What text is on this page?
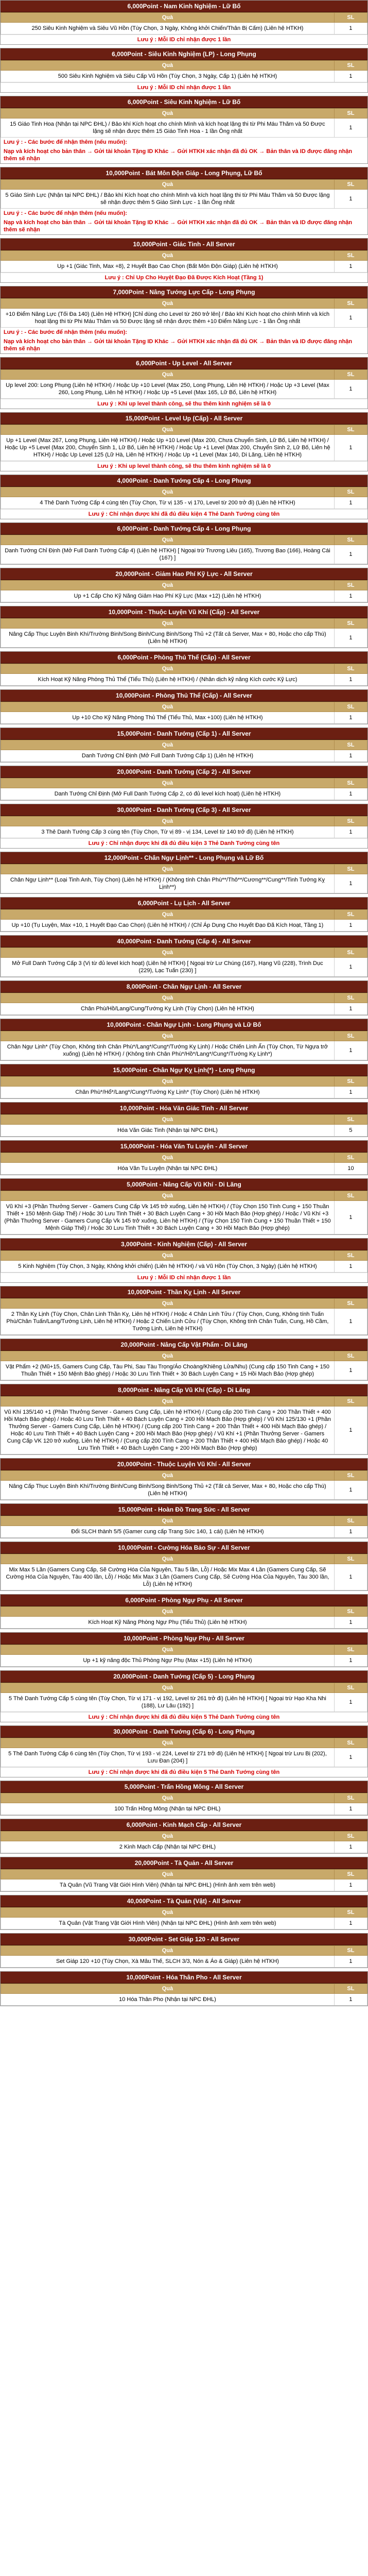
6,000Point - Nam Kinh Nghiệm - Lữ Bố
Quà	SL
250 Siêu Kinh Nghiệm và Siêu Vũ Hồn (Tùy Chọn, 3 Ngày, Không khởi Chiến/Thân Bị Cấm) (Liên hệ HTKH)	1
Lưu ý : Mỗi ID chỉ nhận được 1 lần
6,000Point - Siêu Kinh Nghiệm (LP) - Long Phụng
Quà	SL
500 Siêu Kinh Nghiệm và Siêu Cấp Vũ Hồn (Tùy Chọn, 3 Ngày, Cấp 1) (Liên hệ HTKH)	1
Lưu ý : Mỗi ID chỉ nhận được 1 lần
6,000Point - Siêu Kinh Nghiệm - Lữ Bố
Quà	SL
15 Giáo Tinh Hoa (Nhận tại NPC ĐHL) / Bảo khí Kích hoạt cho chính Mình và kích hoạt lặng thi từ Phi Máu Thăm và 50 Được lặng sẽ nhận được thêm 15 Giáo Tinh Hoa - 1 lần Ông nhất	1
Lưu ý : - Các bước để nhận thêm (nếu muốn):
Nạp và kích hoạt cho bản thân → Gửi tài khoản Tặng ID Khác → Gửi HTKH xác nhận đã đủ OK → Bản thân và ID được đăng nhận thêm sẽ nhận
10,000Point - Bát Môn Độn Giáp - Long Phụng, Lữ Bố
Quà	SL
5 Giáo Sinh Lực (Nhận tại NPC ĐHL) / Bảo khí Kích hoạt cho chính Mình và kích hoạt lặng thi từ Phi Máu Thăm và 50 Được lặng sẽ nhận được thêm 5 Giáo Sinh Lực - 1 lần Ông nhất	1
Lưu ý : - Các bước để nhận thêm (nếu muốn):
Nạp và kích hoạt cho bản thân → Gửi tài khoản Tặng ID Khác → Gửi HTKH xác nhận đã đủ OK → Bản thân và ID được đăng nhận thêm sẽ nhận
10,000Point - Giác Tinh - All Server
Quà	SL
Up +1 (Giác Tinh, Max +8), 2 Huyết Bạo Cao Chọn (Bất Môn Độn Giáp) (Liên hệ HTKH)	1
Lưu ý : Chỉ Up Cho Huyệt Đạo Đã Được Kích Hoạt (Tầng 1)
7,000Point - Nâng Tướng Lực Cấp - Long Phụng
Quà	SL
+10 Điểm Năng Lực (Tối Đa 140) (Liên Hệ HTKH) [Chỉ dùng cho Level từ 260 trở lên] / Bảo khí Kích hoạt cho chính Mình và kích hoạt lặng thi từ Phi Máu Thăm và 50 Được lặng sẽ nhận được thêm +10 Điểm Năng Lực - 1 lần Ông nhất	1
Lưu ý : - Các bước để nhận thêm (nếu muốn):
Nạp và kích hoạt cho bản thân → Gửi tài khoản Tặng ID Khác → Gửi HTKH xác nhận đã đủ OK → Bản thân và ID được đăng nhận thêm sẽ nhận
6,000Point - Up Level - All Server
Quà	SL
Up level 200: Long Phụng (Liên hệ HTKH) / Hoặc Up +10 Level (Max 250, Long Phụng, Liên Hệ HTKH) / Hoặc Up +3 Level (Max 260, Long Phụng, Liên hệ HTKH) / Hoặc Up +5 Level (Max 165, Lữ Bố, Liên hệ HTKH)	1
Lưu ý : Khi up level thành công, sẽ thu thêm kinh nghiệm sẽ là 0
15,000Point - Level Up (Cấp) - All Server
Quà	SL
Up +1 Level (Max 267, Long Phụng, Liên Hệ HTKH) / Hoặc Up +10 Level (Max 200, Chưa Chuyển Sinh, Lữ Bố, Liên hệ HTKH) / Hoặc Up +5 Level (Max 200, Chuyển Sinh 1, Lữ Bố, Liên hệ HTKH) / Hoặc Up +1 Level (Max 200, Chuyển Sinh 2, Lữ Bố, Liên hệ HTKH) / Hoặc Up Level 125 (Lữ Hà, Liên hệ HTKH) / Hoặc Up +1 Level (Max 140, Di Lăng, Liên hệ HTKH)	1
Lưu ý : Khi up level thành công, sẽ thu thêm kinh nghiệm sẽ là 0
4,000Point - Danh Tướng Cấp 4 - Long Phụng
Quà	SL
4 Thẻ Danh Tướng Cấp 4 cùng tên (Tùy Chọn, Từ vị 135 - vị 170, Level từ 200 trở đi) (Liên hệ HTKH)	1
Lưu ý : Chỉ nhận được khi đã đủ điều kiện 4 Thẻ Danh Tướng cùng tên
6,000Point - Danh Tướng Cấp 4 - Long Phụng
Quà	SL
Danh Tướng Chỉ Định (Mở Full Danh Tướng Cấp 4) (Liên hệ HTKH) [ Ngoại trừ Trương Liêu (165), Trương Bao (166), Hoàng Cái (167) ]	1
20,000Point - Giảm Hao Phí Kỹ Lực - All Server
Quà	SL
Up +1 Cấp Cho Kỹ Năng Giảm Hao Phí Kỹ Lực (Max +12) (Liên hệ HTKH)	1
10,000Point - Thuộc Luyện Vũ Khí (Cấp) - All Server
Quà	SL
Nâng Cấp Thục Luyện Binh Khí/Trường Binh/Song Binh/Cung Binh/Song Thủ +2 (Tất cả Server, Max + 80, Hoặc cho cấp Thú) (Liên hệ HTKH)	1
6,000Point - Phòng Thủ Thể (Cấp) - All Server
Quà	SL
Kích Hoạt Kỹ Năng Phòng Thủ Thể (Tiểu Thủ) (Liên hệ HTKH) / (Nhân dịch kỹ năng Kích cước Kỹ Lực)	1
10,000Point - Phòng Thủ Thể (Cấp) - All Server
Quà	SL
Up +10 Cho Kỹ Năng Phòng Thủ Thể (Tiểu Thủ, Max +100) (Liên hệ HTKH)	1
15,000Point - Danh Tướng (Cấp 1) - All Server
Quà	SL
Danh Tướng Chỉ Định (Mở Full Danh Tướng Cấp 1) (Liên hệ HTKH)	1
20,000Point - Danh Tướng (Cấp 2) - All Server
Quà	SL
Danh Tướng Chỉ Định (Mở Full Danh Tướng Cấp 2, có đủ level kích hoạt) (Liên hệ HTKH)	1
30,000Point - Danh Tướng (Cấp 3) - All Server
Quà	SL
3 Thẻ Danh Tướng Cấp 3 cùng tên (Tùy Chọn, Từ vị 89 - vị 134, Level từ 140 trở đi) (Liên hệ HTKH)	1
Lưu ý : Chỉ nhận được khi đã đủ điều kiện 3 Thẻ Danh Tướng cùng tên
12,000Point - Chân Ngự Lịnh** - Long Phụng và Lữ Bố
Quà	SL
Chân Ngự Lịnh** (Loại Tinh Anh, Tùy Chọn) (Liên hệ HTKH) / (Không tính Chân Phù**/Thô**/Cương**/Cung**/Tinh Tướng Kỵ Lịnh**)	1
6,000Point - Lụ Lịch - All Server
Quà	SL
Up +10 (Tụ Luyện, Max +10, 1 Huyết Đạo Cao Chọn) (Liên hệ HTKH) / (Chỉ Áp Dụng Cho Huyết Đạo Đã Kích Hoạt, Tầng 1)	1
40,000Point - Danh Tướng (Cấp 4) - All Server
Quà	SL
Mở Full Danh Tướng Cấp 3 (Vị từ đủ level kích hoạt) (Liên hệ HTKH) [ Ngoại trừ Lư Chúng (167), Hạng Vũ (228), Trình Dục (229), Lạc Tuấn (230) ]	1
8,000Point - Chân Ngự Lịnh - All Server
Quà	SL
Chân Phù/Hồ/Lang/Cung/Tướng Kỵ Lịnh (Tùy Chọn) (Liên hệ HTKH)	1
10,000Point - Chân Ngự Lịnh - Long Phụng và Lữ Bố
Quà	SL
Chân Ngự Lịnh* (Tùy Chọn, Không tính Chân Phù*/Lang*/Cung*/Tướng Kỵ Lịnh) / Hoặc Chiến Linh Ấn (Tùy Chọn, Từ Ngựa trở xuống) (Liên hệ HTKH) / (Không tính Chân Phù*/Hồ*/Lang*/Cung*/Tướng Kỵ Lịnh*)	1
15,000Point - Chân Ngự Kỵ Lịnh(*) - Long Phụng
Quà	SL
Chân Phù*/Hổ*/Lang*/Cung*/Tướng Kỵ Lịnh* (Tùy Chọn) (Liên hệ HTKH)	1
10,000Point - Hóa Văn Giác Tinh - All Server
Quà	SL
Hóa Văn Giác Tinh (Nhận tại NPC ĐHL)	5
15,000Point - Hóa Văn Tu Luyện - All Server
Quà	SL
Hóa Văn Tu Luyện (Nhận tại NPC ĐHL)	10
5,000Point - Nâng Cấp Vũ Khí - Di Lăng
Quà	SL
Vũ Khí +3 (Phần Thưởng Server - Gamers Cung Cấp Vk 145 trở xuống, Liên hệ HTKH) / (Tùy Chọn 150 Tính Cung + 150 Thuần Thiết + 150 Mệnh Giáp Thế) / Hoặc 30 Lưu Tinh Thiết + 30 Bách Luyện Cang + 30 Hồi Mạch Bảo (Hợp ghép) / Hoặc / Vũ Khí +3 (Phần Thưởng Server - Gamers Cung Cấp Vk 145 trở xuống, Liên hệ HTKH) / (Tùy Chọn 150 Tính Cung + 150 Thuần Thiết + 150 Mệnh Giáp Thế) / Hoặc 30 Lưu Tinh Thiết + 30 Bách Luyện Cang + 30 Hồi Mạch Bảo (Hợp ghép)	1
3,000Point - Kinh Nghiệm (Cấp) - All Server
Quà	SL
5 Kinh Nghiệm (Tùy Chọn, 3 Ngày, Không khởi chiến) (Liên hệ HTKH) / và Vũ Hồn (Tùy Chọn, 3 Ngày) (Liên hệ HTKH)	1
Lưu ý : Mỗi ID chỉ nhận được 1 lần
10,000Point - Thần Kỵ Lịnh - All Server
Quà	SL
2 Thần Kỵ Lịnh (Tùy Chọn, Chân Linh Thần Kỵ, Liên hệ HTKH) / Hoặc 4 Chân Linh Tửu / (Tùy Chọn, Cung, Không tính Tuấn Phù/Chân Tuấn/Lang/Tướng Lịnh, Liên hệ HTKH) / Hoặc 2 Chiến Lịnh Cửu / (Tùy Chọn, Không tính Chân Tuấn, Cung, Hồ Cầm, Tướng Lịnh, Liên hệ HTKH)	1
20,000Point - Nâng Cấp Vật Phẩm - Di Lăng
Quà	SL
Vật Phẩm +2 (Mũ+15, Gamers Cung Cấp, Tàu Phi, Sau Tàu Trọng/Áo Choàng/Khiêng Lửa/Nhu) (Cung cấp 150 Tinh Cang + 150 Thuần Thiết + 150 Mệnh Bảo ghép) / Hoặc 30 Lưu Tinh Thiết + 30 Bách Luyện Cang + 15 Hồi Mạch Bảo (Hợp ghép)	1
8,000Point - Nâng Cấp Vũ Khí (Cấp) - Di Lăng
Quà	SL
Vũ Khí 135/140 +1 (Phần Thưởng Server - Gamers Cung Cấp, Liên hệ HTKH) / (Cung cấp 200 Tính Cang + 200 Thần Thiết + 400 Hồi Mạch Bảo ghép) / Hoặc 40 Lưu Tinh Thiết + 40 Bách Luyện Cang + 200 Hồi Mạch Bảo (Hợp ghép) / Vũ Khí 125/130 +1 (Phần Thưởng Server - Gamers Cung Cấp, Liên hệ HTKH) / (Cung cấp 200 Tính Cang + 200 Thần Thiết + 400 Hồi Mạch Bảo ghép) / Hoặc 40 Lưu Tinh Thiết + 40 Bách Luyện Cang + 200 Hồi Mạch Bảo (Hợp ghép) / Vũ Khí +1 (Phần Thưởng Server - Gamers Cung Cấp VK 120 trở xuống, Liên hệ HTKH) / (Cung cấp 200 Tính Cang + 200 Thần Thiết + 400 Hồi Mạch Bảo ghép) / Hoặc 40 Lưu Tinh Thiết + 40 Bách Luyện Cang + 200 Hồi Mạch Bảo (Hợp ghép)	1
20,000Point - Thuộc Luyện Vũ Khí - All Server
Quà	SL
Nâng Cấp Thục Luyện Binh Khí/Trường Binh/Cung Binh/Song Binh/Song Thủ +2 (Tất cả Server, Max + 80, Hoặc cho cấp Thú) (Liên hệ HTKH)	1
15,000Point - Hoàn Đồ Trang Sức - All Server
Quà	SL
Đổi SLCH thành 5/5 (Gamer cung cấp Trang Sức 140, 1 cái) (Liên hệ HTKH)	1
10,000Point - Cường Hóa Bảo Sự - All Server
Quà	SL
Mix Max 5 Lần (Gamers Cung Cấp, Sẽ Cường Hóa Của Nguyên, Tàu 5 lần, Lỗ) / Hoặc Mix Max 4 Lần (Gamers Cung Cấp, Sẽ Cường Hóa Của Nguyên, Tàu 400 lần, Lỗ) / Hoặc Mix Max 3 Lần (Gamers Cung Cấp, Sẽ Cường Hóa Của Nguyên, Tàu 300 lần, Lỗ) (Liên hệ HTKH)	1
6,000Point - Phòng Ngự Phụ - All Server
Quà	SL
Kích Hoạt Kỹ Năng Phòng Ngự Phụ (Tiểu Thủ) (Liên hệ HTKH)	1
10,000Point - Phòng Ngự Phụ - All Server
Quà	SL
Up +1 kỹ năng độc Thủ Phòng Ngự Phụ (Max +15) (Liên hệ HTKH)	1
20,000Point - Danh Tướng (Cấp 5) - Long Phụng
Quà	SL
5 Thẻ Danh Tướng Cấp 5 cùng tên (Tùy Chọn, Từ vị 171 - vị 192, Level từ 261 trở đi) (Liên hệ HTKH) [ Ngoại trừ Hạo Kha Nhi (188), Lư Lâu (192) ]	1
Lưu ý : Chỉ nhận được khi đã đủ điều kiện 5 Thẻ Danh Tướng cùng tên
30,000Point - Danh Tướng (Cấp 6) - Long Phụng
Quà	SL
5 Thẻ Danh Tướng Cấp 6 cùng tên (Tùy Chọn, Từ vị 193 - vị 224, Level từ 271 trở đi) (Liên hệ HTKH) [ Ngoại trừ Lưu Bị (202), Lưu Đan (204) ]	1
Lưu ý : Chỉ nhận được khi đã đủ điều kiện 5 Thẻ Danh Tướng cùng tên
5,000Point - Trấn Hồng Mông - All Server
Quà	SL
100 Trấn Hồng Mông (Nhận tại NPC ĐHL)	1
6,000Point - Kinh Mạch Cấp - All Server
Quà	SL
2 Kinh Mạch Cấp (Nhận tại NPC ĐHL)	1
20,000Point - Tà Quản - All Server
Quà	SL
Tà Quản (Vũ Trang Vật Giới Hình Viên) (Nhận tại NPC ĐHL) (Hình ảnh xem trên web)	1
40,000Point - Tà Quản (Vật) - All Server
Quà	SL
Tà Quản (Vật Trang Vật Giới Hình Viên) (Nhận tại NPC ĐHL) (Hình ảnh xem trên web)	1
30,000Point - Set Giáp 120 - All Server
Quà	SL
Set Giáp 120 +10 (Tùy Chọn, Xà Mâu Thế, SLCH 3/3, Nón & Áo & Giáp) (Liên hệ HTKH)	1
10,000Point - Hóa Thân Pho - All Server
Quà	SL
10 Hóa Thân Pho (Nhận tại NPC ĐHL)	1
